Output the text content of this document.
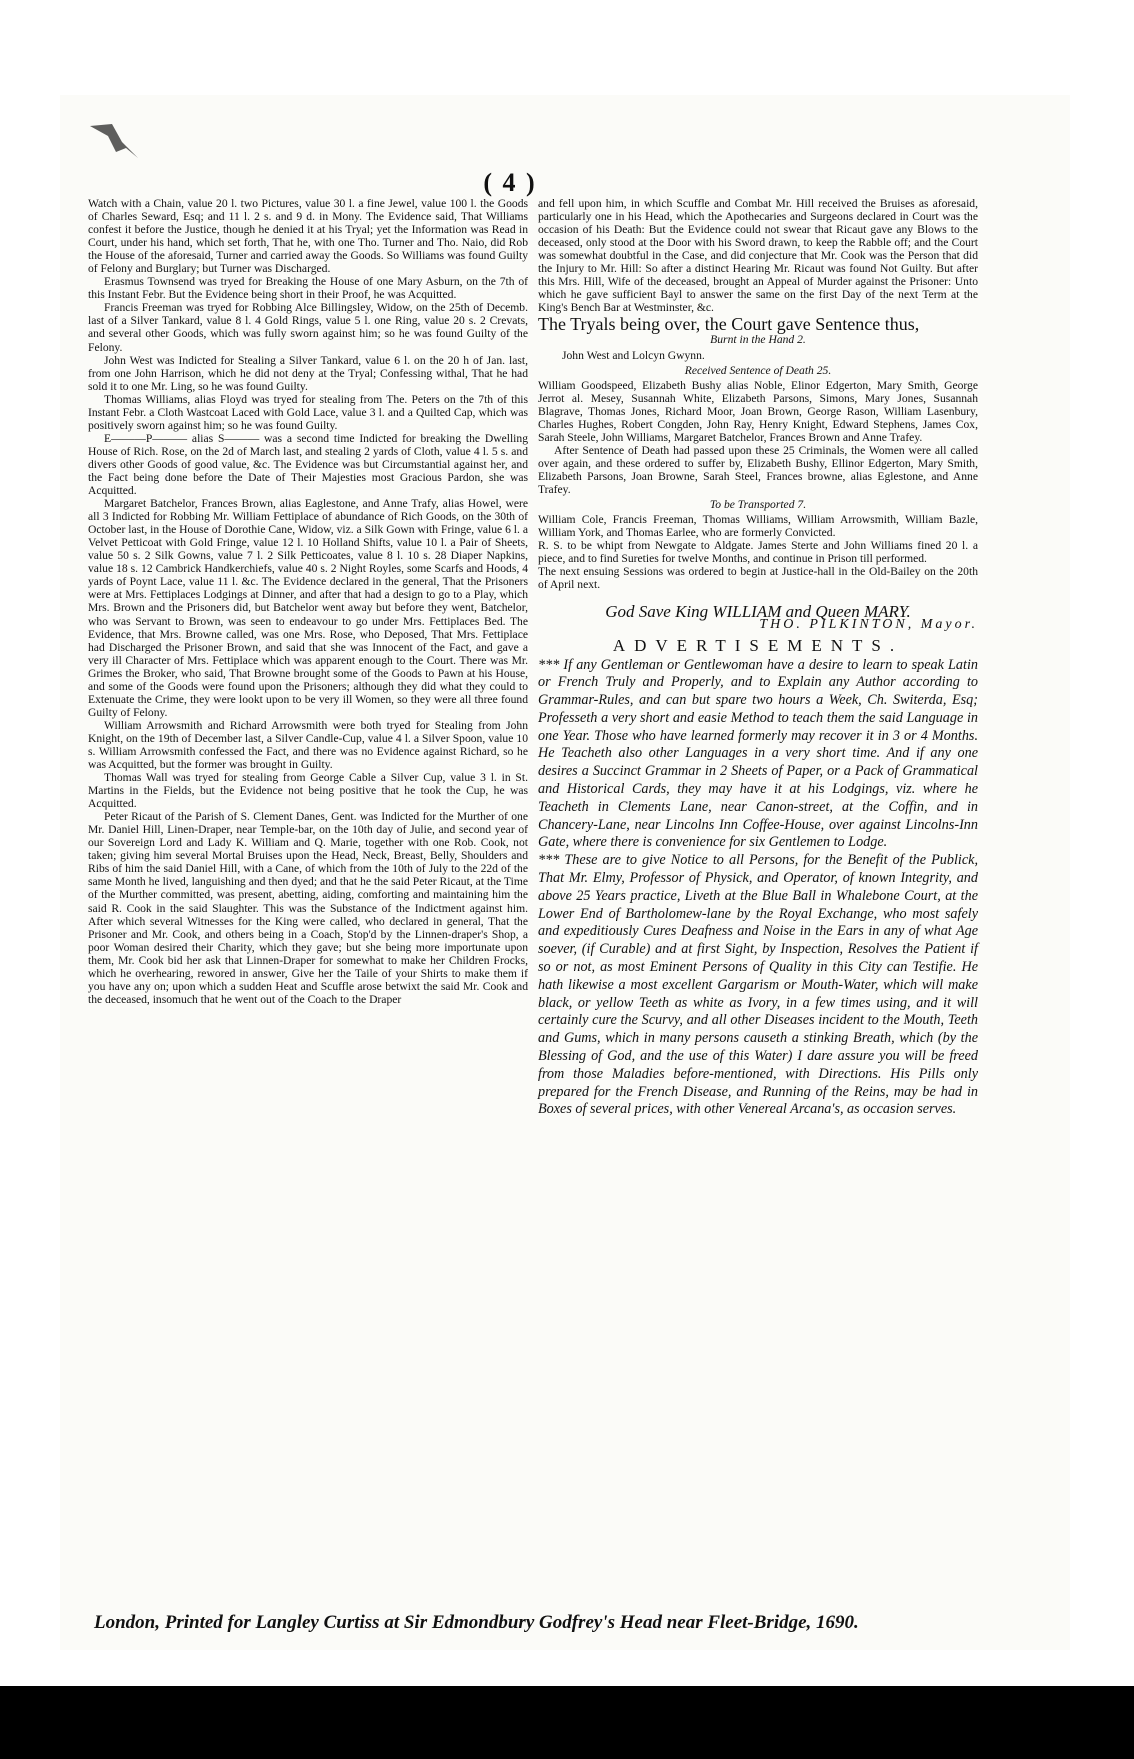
( 4 )

Watch with a Chain, value 20 l. two Pictures, value 30 l. a fine Jewel, value 100 l. the Goods of Charles Seward, Esq; and 11 l. 2 s. and 9 d. in Mony. The Evidence said, That Williams confest it before the Justice, though he denied it at his Tryal; yet the Information was Read in Court, under his hand, which set forth, That he, with one Tho. Turner and Tho. Naio, did Rob the House of the aforesaid, Turner and carried away the Goods. So Williams was found Guilty of Felony and Burglary; but Turner was Discharged.

Erasmus Townsend was tryed for Breaking the House of one Mary Asburn, on the 7th of this Instant Febr. But the Evidence being short in their Proof, he was Acquitted.

Francis Freeman was tryed for Robbing Alce Billingsley, Widow, on the 25th of Decemb. last of a Silver Tankard, value 8 l. 4 Gold Rings, value 5 l. one Ring, value 20 s. 2 Crevats, and several other Goods, which was fully sworn against him; so he was found Guilty of the Felony.

John West was Indicted for Stealing a Silver Tankard, value 6 l. on the 20 h of Jan. last, from one John Harrison, which he did not deny at the Tryal; Confessing withal, That he had sold it to one Mr. Ling, so he was found Guilty.

Thomas Williams, alias Floyd was tryed for stealing from The. Peters on the 7th of this Instant Febr. a Cloth Wastcoat Laced with Gold Lace, value 3 l. and a Quilted Cap, which was positively sworn against him; so he was found Guilty.

E———P——— alias S——— was a second time Indicted for breaking the Dwelling House of Rich. Rose, on the 2d of March last, and stealing 2 yards of Cloth, value 4 l. 5 s. and divers other Goods of good value, &c. The Evidence was but Circumstantial against her, and the Fact being done before the Date of Their Majesties most Gracious Pardon, she was Acquitted.

Margaret Batchelor, Frances Brown, alias Eaglestone, and Anne Trafy, alias Howel, were all 3 Indicted for Robbing Mr. William Fettiplace of abundance of Rich Goods, on the 30th of October last, in the House of Dorothie Cane, Widow, viz. a Silk Gown with Fringe, value 6 l. a Velvet Petticoat with Gold Fringe, value 12 l. 10 Holland Shifts, value 10 l. a Pair of Sheets, value 50 s. 2 Silk Gowns, value 7 l. 2 Silk Petticoates, value 8 l. 10 s. 28 Diaper Napkins, value 18 s. 12 Cambrick Handkerchiefs, value 40 s. 2 Night Royles, some Scarfs and Hoods, 4 yards of Poynt Lace, value 11 l. &c. The Evidence declared in the general, That the Prisoners were at Mrs. Fettiplaces Lodgings at Dinner, and after that had a design to go to a Play, which Mrs. Brown and the Prisoners did, but Batchelor went away but before they went, Batchelor, who was Servant to Brown, was seen to endeavour to go under Mrs. Fettiplaces Bed. The Evidence, that Mrs. Browne called, was one Mrs. Rose, who Deposed, That Mrs. Fettiplace had Discharged the Prisoner Brown, and said that she was Innocent of the Fact, and gave a very ill Character of Mrs. Fettiplace which was apparent enough to the Court. There was Mr. Grimes the Broker, who said, That Browne brought some of the Goods to Pawn at his House, and some of the Goods were found upon the Prisoners; although they did what they could to Extenuate the Crime, they were lookt upon to be very ill Women, so they were all three found Guilty of Felony.

William Arrowsmith and Richard Arrowsmith were both tryed for Stealing from John Knight, on the 19th of December last, a Silver Candle-Cup, value 4 l. a Silver Spoon, value 10 s. William Arrowsmith confessed the Fact, and there was no Evidence against Richard, so he was Acquitted, but the former was brought in Guilty.

Thomas Wall was tryed for stealing from George Cable a Silver Cup, value 3 l. in St. Martins in the Fields, but the Evidence not being positive that he took the Cup, he was Acquitted.

Peter Ricaut of the Parish of S. Clement Danes, Gent. was Indicted for the Murther of one Mr. Daniel Hill, Linen-Draper, near Temple-bar, on the 10th day of Julie, and second year of our Sovereign Lord and Lady K. William and Q. Marie, together with one Rob. Cook, not taken; giving him several Mortal Bruises upon the Head, Neck, Breast, Belly, Shoulders and Ribs of him the said Daniel Hill, with a Cane, of which from the 10th of July to the 22d of the same Month he lived, languishing and then dyed; and that he the said Peter Ricaut, at the Time of the Murther committed, was present, abetting, aiding, comforting and maintaining him the said R. Cook in the said Slaughter. This was the Substance of the Indictment against him. After which several Witnesses for the King were called, who declared in general, That the Prisoner and Mr. Cook, and others being in a Coach, Stop'd by the Linnen-draper's Shop, a poor Woman desired their Charity, which they gave; but she being more importunate upon them, Mr. Cook bid her ask that Linnen-Draper for somewhat to make her Children Frocks, which he overhearing, rewored in answer, Give her the Taile of your Shirts to make them if you have any on; upon which a sudden Heat and Scuffle arose betwixt the said Mr. Cook and the deceased, insomuch that he went out of the Coach to the Draper

and fell upon him, in which Scuffle and Combat Mr. Hill received the Bruises as aforesaid, particularly one in his Head, which the Apothecaries and Surgeons declared in Court was the occasion of his Death: But the Evidence could not swear that Ricaut gave any Blows to the deceased, only stood at the Door with his Sword drawn, to keep the Rabble off; and the Court was somewhat doubtful in the Case, and did conjecture that Mr. Cook was the Person that did the Injury to Mr. Hill: So after a distinct Hearing Mr. Ricaut was found Not Guilty. But after this Mrs. Hill, Wife of the deceased, brought an Appeal of Murder against the Prisoner: Unto which he gave sufficient Bayl to answer the same on the first Day of the next Term at the King's Bench Bar at Westminster, &c.

The Tryals being over, the Court gave Sentence thus,

Burnt in the Hand 2.

John West and Lolcyn Gwynn.

Received Sentence of Death 25.

William Goodspeed, Elizabeth Bushy alias Noble, Elinor Edgerton, Mary Smith, George Jerrot al. Mesey, Susannah White, Elizabeth Parsons, Simons, Mary Jones, Susannah Blagrave, Thomas Jones, Richard Moor, Joan Brown, George Rason, William Lasenbury, Charles Hughes, Robert Congden, John Ray, Henry Knight, Edward Stephens, James Cox, Sarah Steele, John Williams, Margaret Batchelor, Frances Brown and Anne Trafey.

After Sentence of Death had passed upon these 25 Criminals, the Women were all called over again, and these ordered to suffer by, Elizabeth Bushy, Ellinor Edgerton, Mary Smith, Elizabeth Parsons, Joan Browne, Sarah Steel, Frances browne, alias Eglestone, and Anne Trafey.

To be Transported 7.

William Cole, Francis Freeman, Thomas Williams, William Arrowsmith, William Bazle, William York, and Thomas Earlee, who are formerly Convicted.

R. S. to be whipt from Newgate to Aldgate. James Sterte and John Williams fined 20 l. a piece, and to find Sureties for twelve Months, and continue in Prison till performed.

The next ensuing Sessions was ordered to begin at Justice-hall in the Old-Bailey on the 20th of April next.

God Save King WILLIAM and Queen MARY.

THO. PILKINTON, Mayor.

ADVERTISEMENTS.

*** If any Gentleman or Gentlewoman have a desire to learn to speak Latin or French Truly and Properly, and to Explain any Author according to Grammar-Rules, and can but spare two hours a Week, Ch. Switerda, Esq; Professeth a very short and easie Method to teach them the said Language in one Year. Those who have learned formerly may recover it in 3 or 4 Months. He Teacheth also other Languages in a very short time. And if any one desires a Succinct Grammar in 2 Sheets of Paper, or a Pack of Grammatical and Historical Cards, they may have it at his Lodgings, viz. where he Teacheth in Clements Lane, near Canon-street, at the Coffin, and in Chancery-Lane, near Lincolns Inn Coffee-House, over against Lincolns-Inn Gate, where there is convenience for six Gentlemen to Lodge.

*** These are to give Notice to all Persons, for the Benefit of the Publick, That Mr. Elmy, Professor of Physick, and Operator, of known Integrity, and above 25 Years practice, Liveth at the Blue Ball in Whalebone Court, at the Lower End of Bartholomew-lane by the Royal Exchange, who most safely and expeditiously Cures Deafness and Noise in the Ears in any of what Age soever, (if Curable) and at first Sight, by Inspection, Resolves the Patient if so or not, as most Eminent Persons of Quality in this City can Testifie. He hath likewise a most excellent Gargarism or Mouth-Water, which will make black, or yellow Teeth as white as Ivory, in a few times using, and it will certainly cure the Scurvy, and all other Diseases incident to the Mouth, Teeth and Gums, which in many persons causeth a stinking Breath, which (by the Blessing of God, and the use of this Water) I dare assure you will be freed from those Maladies before-mentioned, with Directions. His Pills only prepared for the French Disease, and Running of the Reins, may be had in Boxes of several prices, with other Venereal Arcana's, as occasion serves.

London, Printed for Langley Curtiss at Sir Edmondbury Godfrey's Head near Fleet-Bridge, 1690.
